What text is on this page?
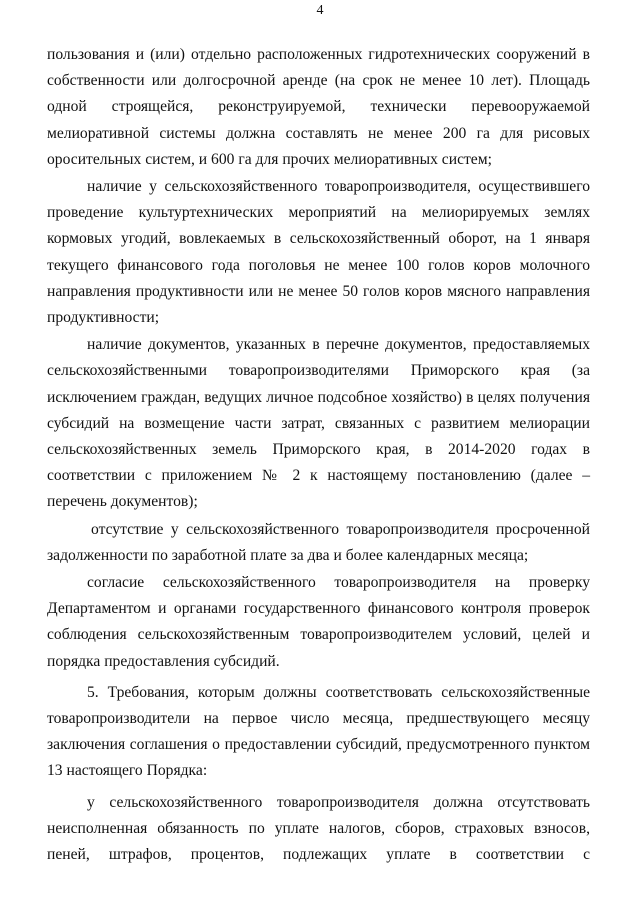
4

пользования и (или) отдельно расположенных гидротехнических сооружений в собственности или долгосрочной аренде (на срок не менее 10 лет). Площадь одной строящейся, реконструируемой, технически перевооружаемой мелиоративной системы должна составлять не менее 200 га для рисовых оросительных систем, и 600 га для прочих мелиоративных систем;

наличие у сельскохозяйственного товаропроизводителя, осуществившего проведение культуртехнических мероприятий на мелиорируемых землях кормовых угодий, вовлекаемых в сельскохозяйственный оборот, на 1 января текущего финансового года поголовья не менее 100 голов коров молочного направления продуктивности или не менее 50 голов коров мясного направления продуктивности;

наличие документов, указанных в перечне документов, предоставляемых сельскохозяйственными товаропроизводителями Приморского края (за исключением граждан, ведущих личное подсобное хозяйство) в целях получения субсидий на возмещение части затрат, связанных с развитием мелиорации сельскохозяйственных земель Приморского края, в 2014-2020 годах в соответствии с приложением № 2 к настоящему постановлению (далее – перечень документов);

отсутствие у сельскохозяйственного товаропроизводителя просроченной задолженности по заработной плате за два и более календарных месяца;

согласие сельскохозяйственного товаропроизводителя на проверку Департаментом и органами государственного финансового контроля проверок соблюдения сельскохозяйственным товаропроизводителем условий, целей и порядка предоставления субсидий.

5. Требования, которым должны соответствовать сельскохозяйственные товаропроизводители на первое число месяца, предшествующего месяцу заключения соглашения о предоставлении субсидий, предусмотренного пунктом 13 настоящего Порядка:

у сельскохозяйственного товаропроизводителя должна отсутствовать неисполненная обязанность по уплате налогов, сборов, страховых взносов, пеней, штрафов, процентов, подлежащих уплате в соответствии с
